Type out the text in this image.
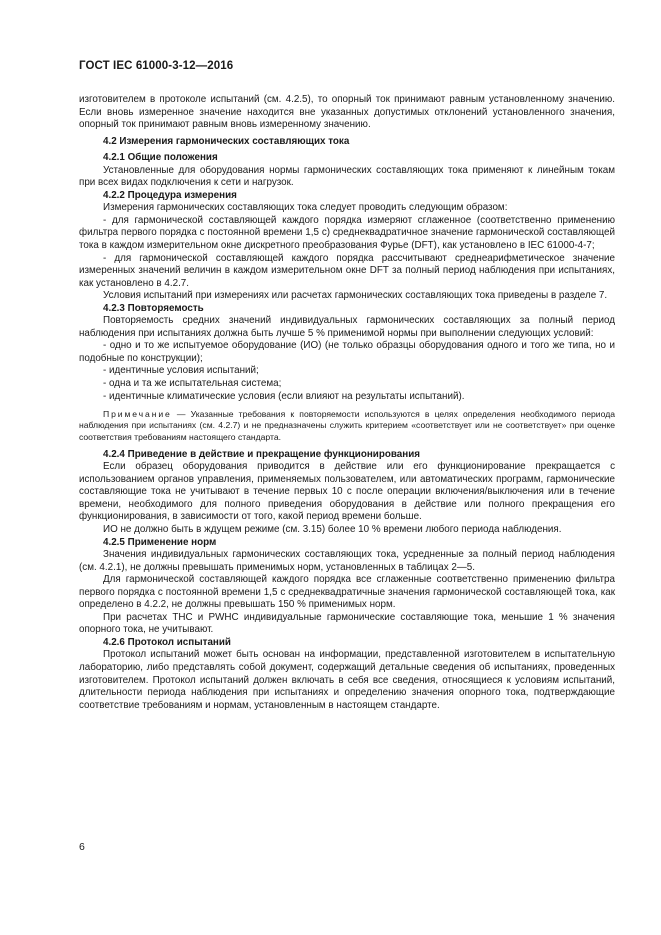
ГОСТ IEC 61000-3-12—2016

изготовителем в протоколе испытаний (см. 4.2.5), то опорный ток принимают равным установленному значению. Если вновь измеренное значение находится вне указанных допустимых отклонений установленного значения, опорный ток принимают равным вновь измеренному значению.

4.2 Измерения гармонических составляющих тока

4.2.1 Общие положения

Установленные для оборудования нормы гармонических составляющих тока применяют к линейным токам при всех видах подключения к сети и нагрузок.

4.2.2 Процедура измерения

Измерения гармонических составляющих тока следует проводить следующим образом:

- для гармонической составляющей каждого порядка измеряют сглаженное (соответственно применению фильтра первого порядка с постоянной времени 1,5 с) среднеквадратичное значение гармонической составляющей тока в каждом измерительном окне дискретного преобразования Фурье (DFT), как установлено в IEC 61000-4-7;

- для гармонической составляющей каждого порядка рассчитывают среднеарифметическое значение измеренных значений величин в каждом измерительном окне DFT за полный период наблюдения при испытаниях, как установлено в 4.2.7.

Условия испытаний при измерениях или расчетах гармонических составляющих тока приведены в разделе 7.

4.2.3 Повторяемость

Повторяемость средних значений индивидуальных гармонических составляющих за полный период наблюдения при испытаниях должна быть лучше 5 % применимой нормы при выполнении следующих условий:

- одно и то же испытуемое оборудование (ИО) (не только образцы оборудования одного и того же типа, но и подобные по конструкции);

- идентичные условия испытаний;

- одна и та же испытательная система;

- идентичные климатические условия (если влияют на результаты испытаний).

Примечание — Указанные требования к повторяемости используются в целях определения необходимого периода наблюдения при испытаниях (см. 4.2.7) и не предназначены служить критерием «соответствует или не соответствует» при оценке соответствия требованиям настоящего стандарта.

4.2.4 Приведение в действие и прекращение функционирования

Если образец оборудования приводится в действие или его функционирование прекращается с использованием органов управления, применяемых пользователем, или автоматических программ, гармонические составляющие тока не учитывают в течение первых 10 с после операции включения/выключения или в течение времени, необходимого для полного приведения оборудования в действие или полного прекращения его функционирования, в зависимости от того, какой период времени больше.

ИО не должно быть в ждущем режиме (см. 3.15) более 10 % времени любого периода наблюдения.

4.2.5 Применение норм

Значения индивидуальных гармонических составляющих тока, усредненные за полный период наблюдения (см. 4.2.1), не должны превышать применимых норм, установленных в таблицах 2—5.

Для гармонической составляющей каждого порядка все сглаженные соответственно применению фильтра первого порядка с постоянной времени 1,5 с среднеквадратичные значения гармонической составляющей тока, как определено в 4.2.2, не должны превышать 150 % применимых норм.

При расчетах THC и PWHC индивидуальные гармонические составляющие тока, меньшие 1 % значения опорного тока, не учитывают.

4.2.6 Протокол испытаний

Протокол испытаний может быть основан на информации, представленной изготовителем в испытательную лабораторию, либо представлять собой документ, содержащий детальные сведения об испытаниях, проведенных изготовителем. Протокол испытаний должен включать в себя все сведения, относящиеся к условиям испытаний, длительности периода наблюдения при испытаниях и определению значения опорного тока, подтверждающие соответствие требованиям и нормам, установленным в настоящем стандарте.

6
